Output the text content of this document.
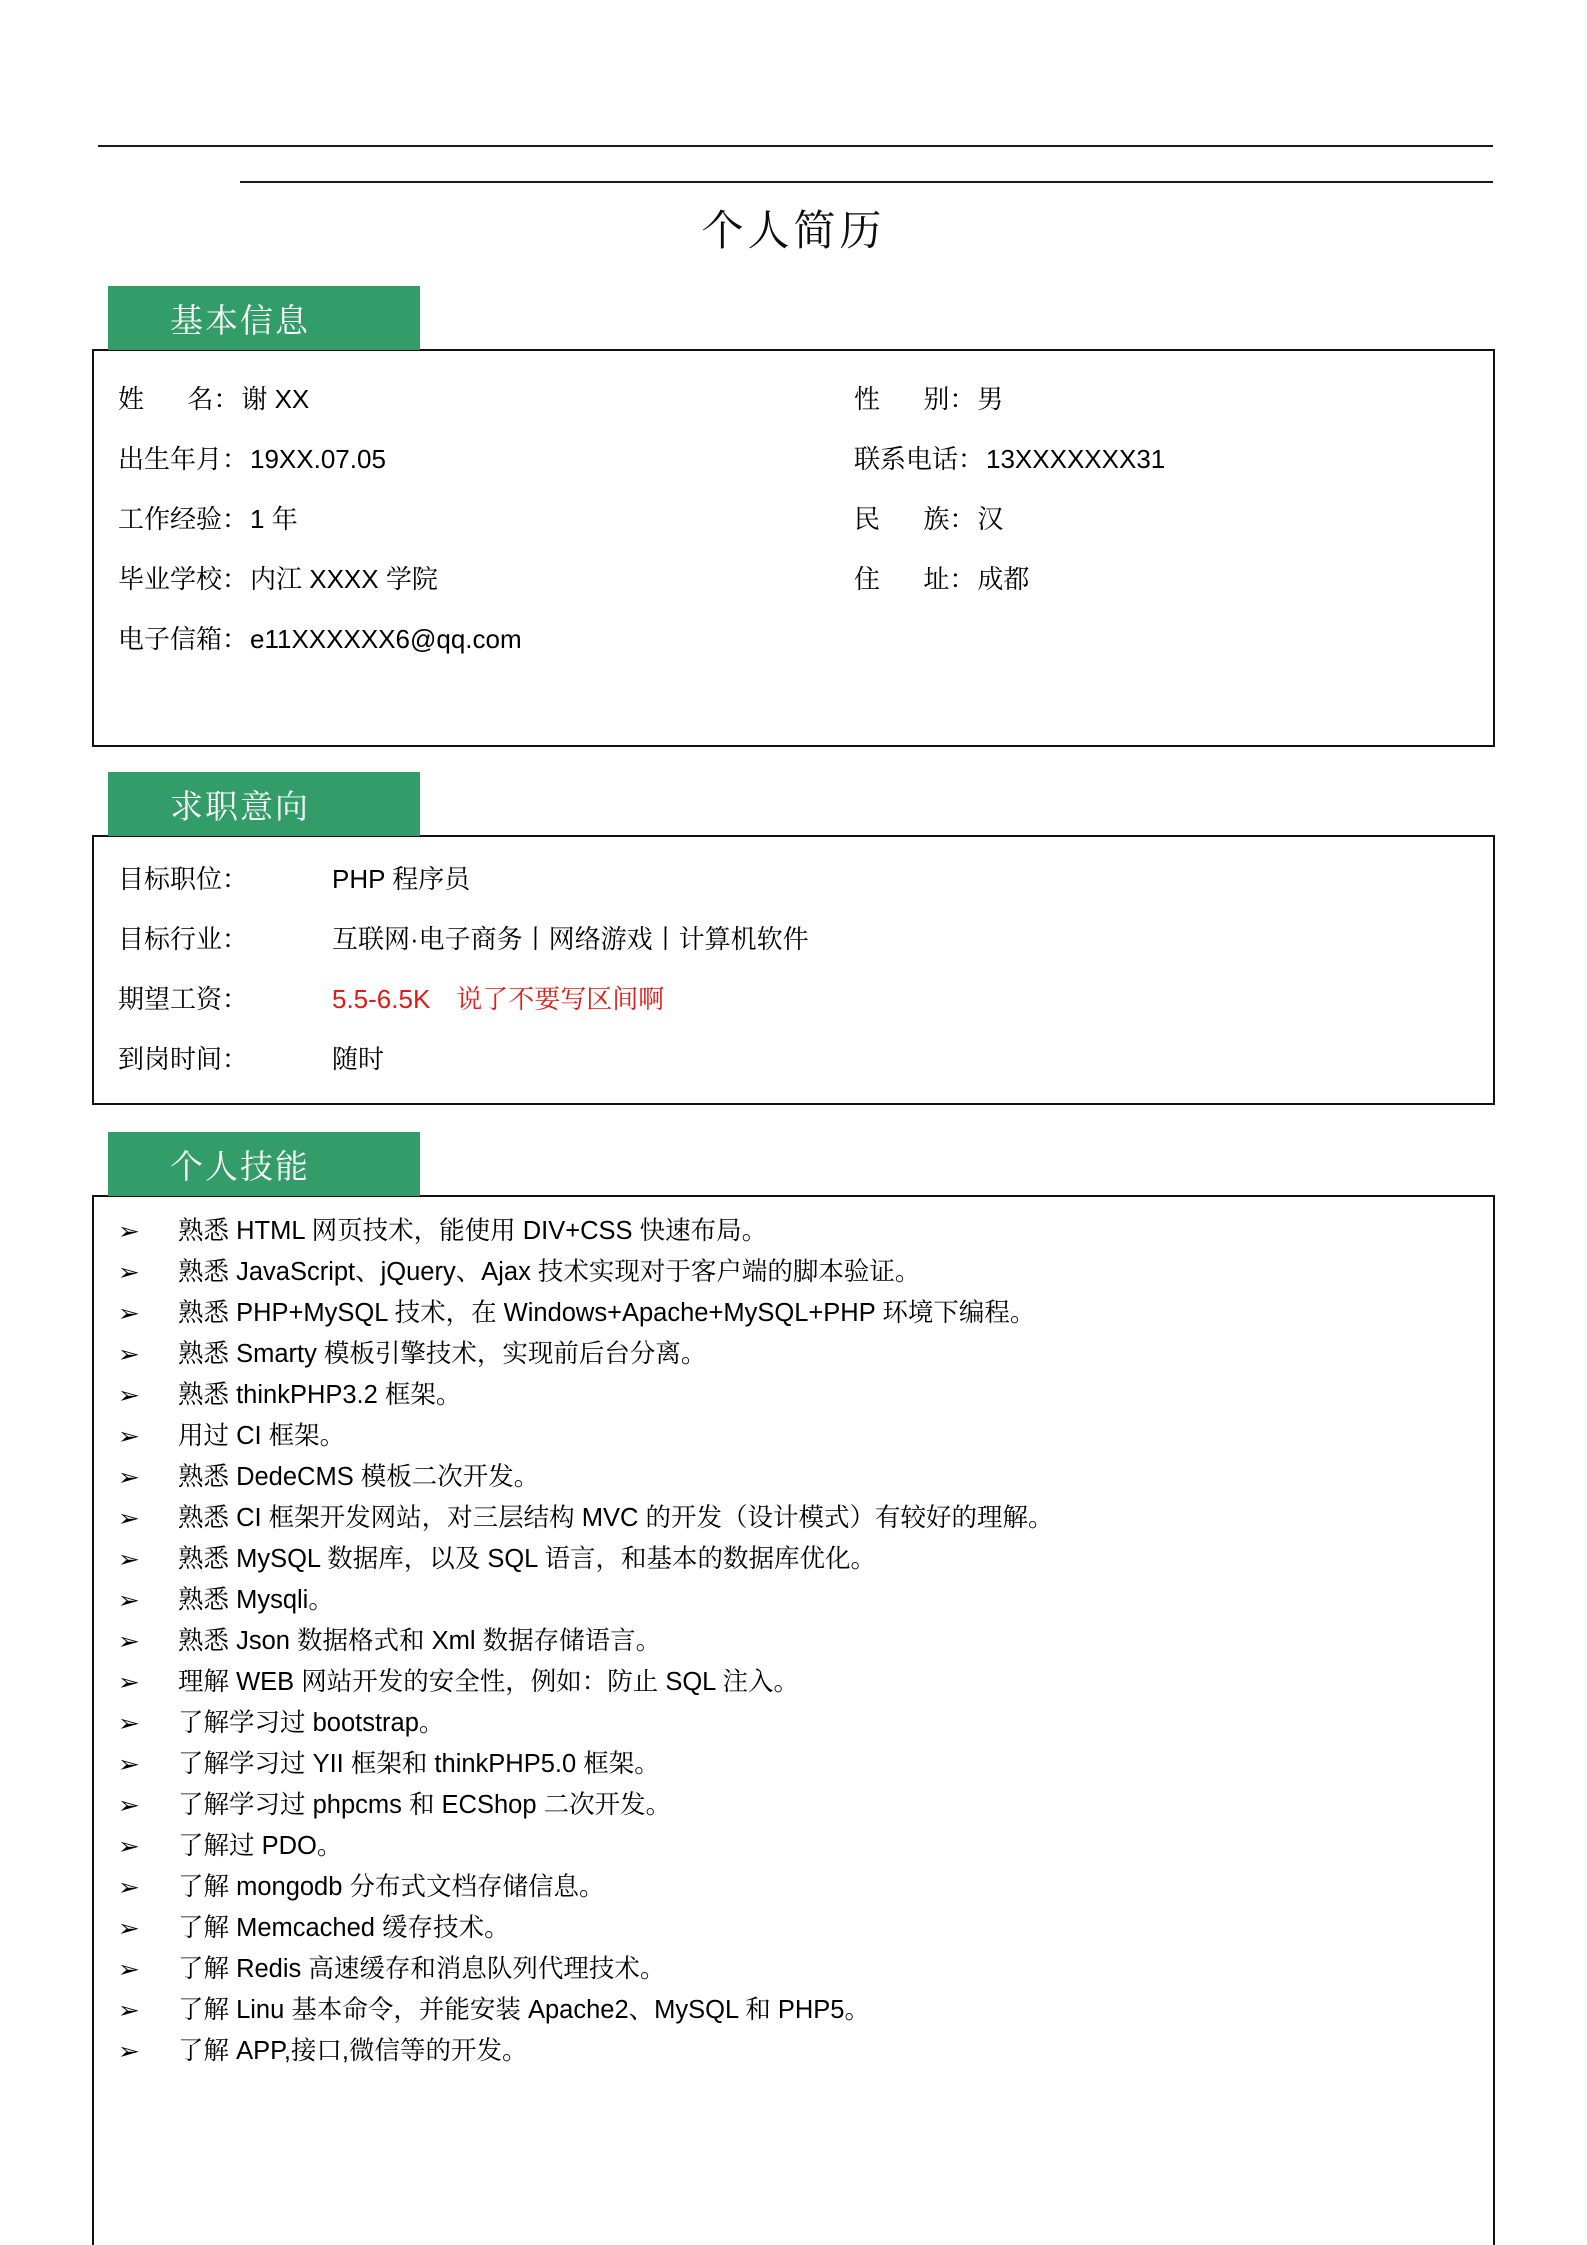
个人简历
基本信息
姓      名： 谢 XX	性      别： 男
出生年月： 19XX.07.05	联系电话： 13XXXXXXX31
工作经验： 1 年	民      族： 汉
毕业学校： 内江 XXXX 学院	住      址： 成都
电子信箱： e11XXXXXX6@qq.com
求职意向
目标职位：	PHP 程序员
目标行业：	互联网·电子商务丨网络游戏丨计算机软件
期望工资：	5.5-6.5K 说了不要写区间啊
到岗时间：	随时
个人技能
➢	熟悉 HTML 网页技术，能使用 DIV+CSS 快速布局。
➢	熟悉 JavaScript、jQuery、Ajax 技术实现对于客户端的脚本验证。
➢	熟悉 PHP+MySQL 技术，在 Windows+Apache+MySQL+PHP 环境下编程。
➢	熟悉 Smarty 模板引擎技术，实现前后台分离。
➢	熟悉 thinkPHP3.2 框架。
➢	用过 CI 框架。
➢	熟悉 DedeCMS 模板二次开发。
➢	熟悉 CI 框架开发网站，对三层结构 MVC 的开发（设计模式）有较好的理解。
➢	熟悉 MySQL 数据库，以及 SQL 语言，和基本的数据库优化。
➢	熟悉 Mysqli。
➢	熟悉 Json 数据格式和 Xml 数据存储语言。
➢	理解 WEB 网站开发的安全性，例如：防止 SQL 注入。
➢	了解学习过 bootstrap。
➢	了解学习过 YII 框架和 thinkPHP5.0 框架。
➢	了解学习过 phpcms 和 ECShop 二次开发。
➢	了解过 PDO。
➢	了解 mongodb 分布式文档存储信息。
➢	了解 Memcached 缓存技术。
➢	了解 Redis 高速缓存和消息队列代理技术。
➢	了解 Linu 基本命令，并能安装 Apache2、MySQL 和 PHP5。
➢	了解 APP,接口,微信等的开发。
